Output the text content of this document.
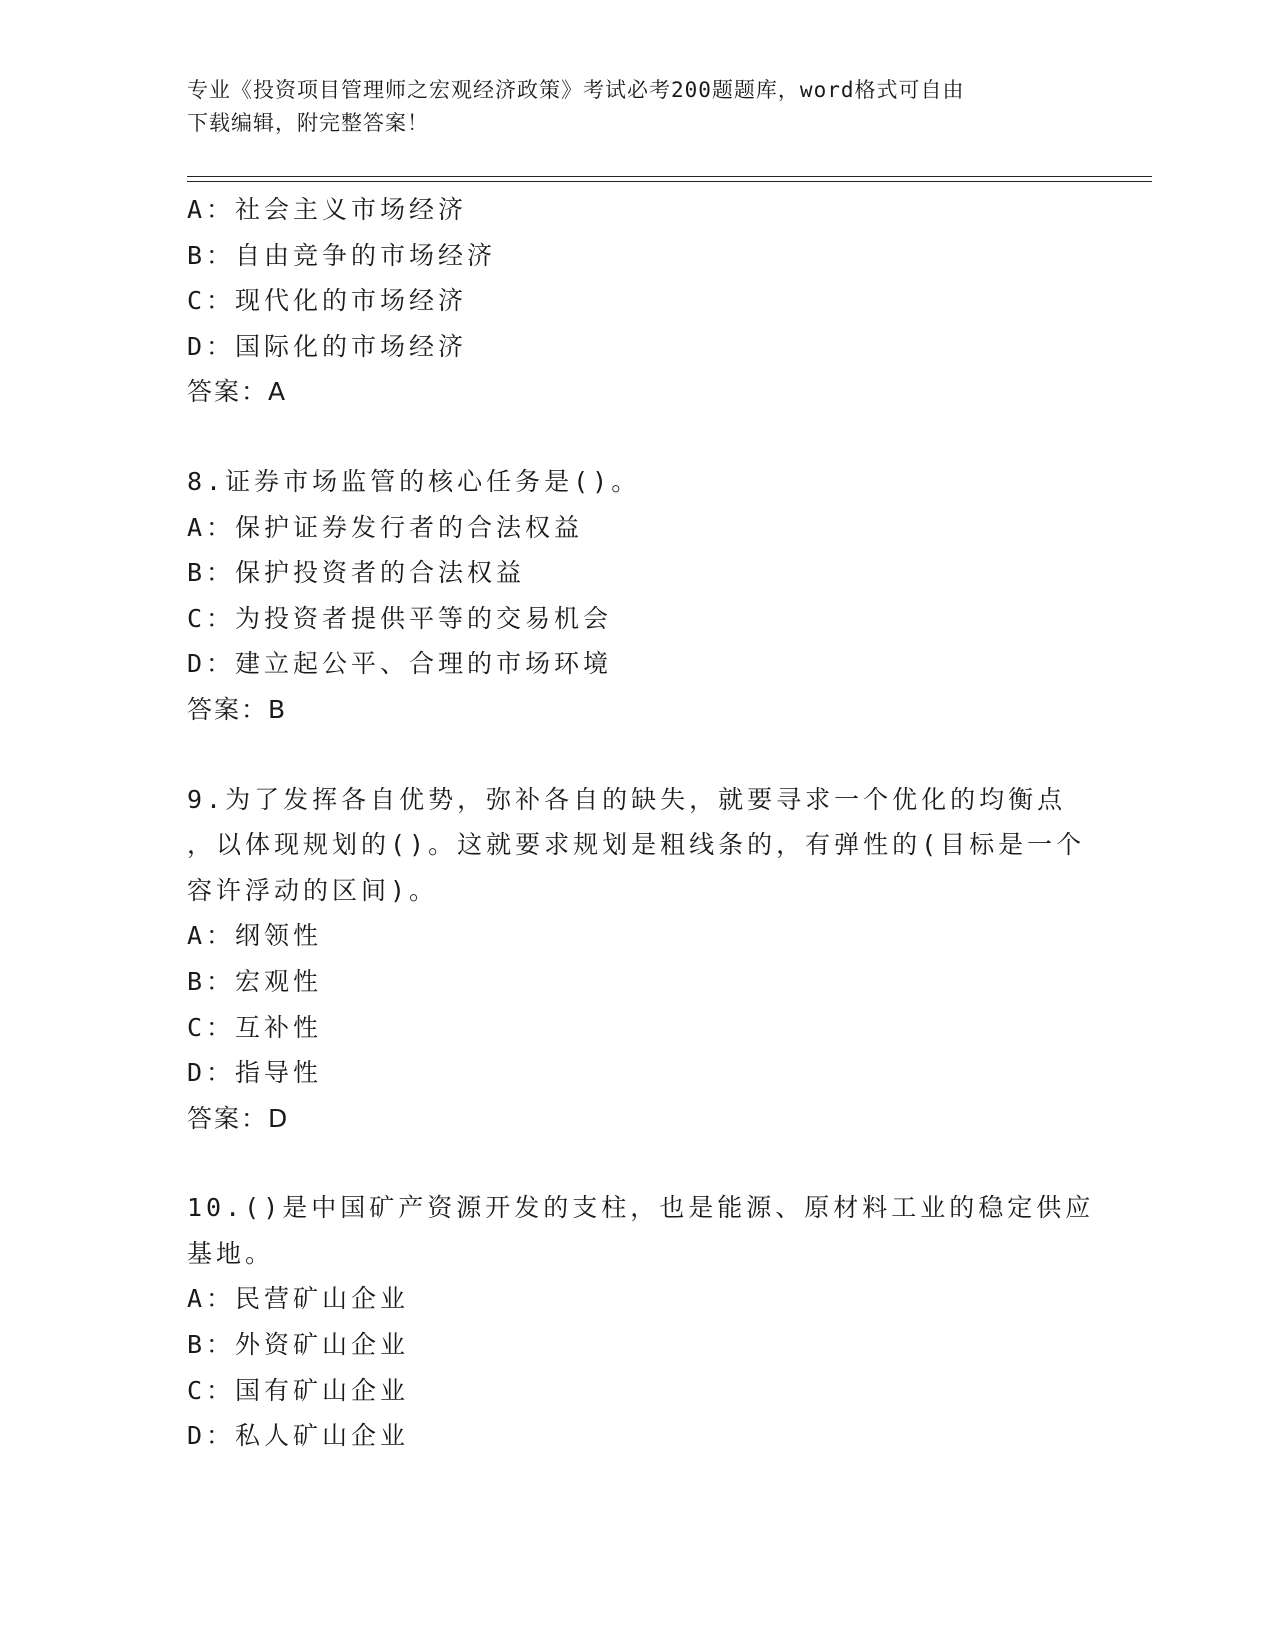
专业《投资项目管理师之宏观经济政策》考试必考200题题库，word格式可自由
下载编辑，附完整答案！
A：社会主义市场经济
B：自由竞争的市场经济
C：现代化的市场经济
D：国际化的市场经济
答案：A
8.证券市场监管的核心任务是()。
A：保护证券发行者的合法权益
B：保护投资者的合法权益
C：为投资者提供平等的交易机会
D：建立起公平、合理的市场环境
答案：B
9.为了发挥各自优势，弥补各自的缺失，就要寻求一个优化的均衡点
，以体现规划的()。这就要求规划是粗线条的，有弹性的(目标是一个
容许浮动的区间)。
A：纲领性
B：宏观性
C：互补性
D：指导性
答案：D
10.()是中国矿产资源开发的支柱，也是能源、原材料工业的稳定供应
基地。
A：民营矿山企业
B：外资矿山企业
C：国有矿山企业
D：私人矿山企业
